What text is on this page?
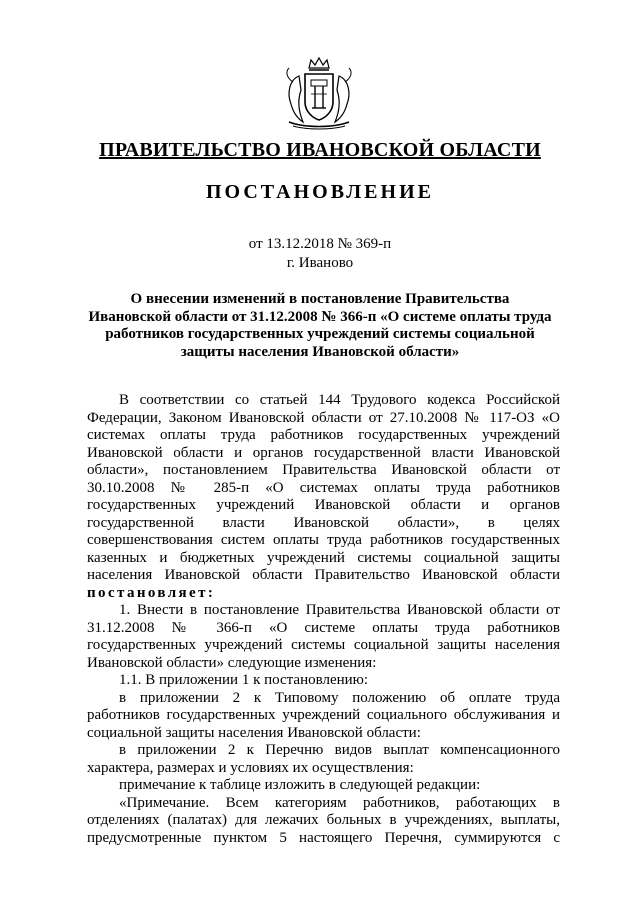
ПРАВИТЕЛЬСТВО ИВАНОВСКОЙ ОБЛАСТИ
ПОСТАНОВЛЕНИЕ
от 13.12.2018 № 369-п
г. Иваново
О внесении изменений в постановление Правительства
Ивановской области от 31.12.2008 № 366-п «О системе оплаты труда
работников государственных учреждений системы социальной
защиты населения Ивановской области»
В соответствии со статьей 144 Трудового кодекса Российской
Федерации, Законом Ивановской области от 27.10.2008 № 117-ОЗ «О
системах оплаты труда работников государственных учреждений
Ивановской области и органов государственной власти Ивановской
области», постановлением Правительства Ивановской области от
30.10.2008 № 285-п «О системах оплаты труда работников
государственных учреждений Ивановской области и органов
государственной власти Ивановской области», в целях
совершенствования систем оплаты труда работников государственных
казенных и бюджетных учреждений системы социальной защиты
населения Ивановской области Правительство Ивановской области
постановляет:
1. Внести в постановление Правительства Ивановской области от
31.12.2008 № 366-п «О системе оплаты труда работников
государственных учреждений системы социальной защиты населения
Ивановской области» следующие изменения:
1.1. В приложении 1 к постановлению:
в приложении 2 к Типовому положению об оплате труда
работников государственных учреждений социального обслуживания и
социальной защиты населения Ивановской области:
в приложении 2 к Перечню видов выплат компенсационного
характера, размерах и условиях их осуществления:
примечание к таблице изложить в следующей редакции:
«Примечание. Всем категориям работников, работающих в
отделениях (палатах) для лежачих больных в учреждениях, выплаты,
предусмотренные пунктом 5 настоящего Перечня, суммируются с
